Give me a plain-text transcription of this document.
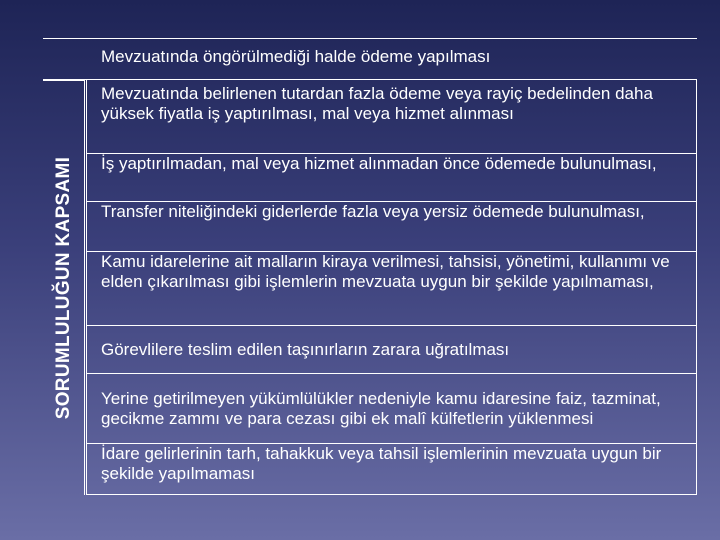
SORUMLULUĞUN KAPSAMI
Mevzuatında öngörülmediği halde ödeme yapılması
Mevzuatında belirlenen tutardan fazla ödeme veya rayiç bedelinden daha yüksek fiyatla iş yaptırılması, mal veya hizmet alınması
İş yaptırılmadan, mal veya hizmet alınmadan önce ödemede bulunulması,
Transfer niteliğindeki giderlerde fazla veya yersiz ödemede bulunulması,
Kamu idarelerine ait malların kiraya verilmesi, tahsisi, yönetimi, kullanımı ve elden çıkarılması gibi işlemlerin mevzuata uygun bir şekilde yapılmaması,
Görevlilere teslim edilen taşınırların zarara uğratılması
Yerine getirilmeyen yükümlülükler nedeniyle kamu idaresine faiz, tazminat, gecikme zammı ve para cezası gibi ek malî külfetlerin yüklenmesi
İdare gelirlerinin tarh, tahakkuk veya tahsil işlemlerinin mevzuata uygun bir şekilde yapılmaması
